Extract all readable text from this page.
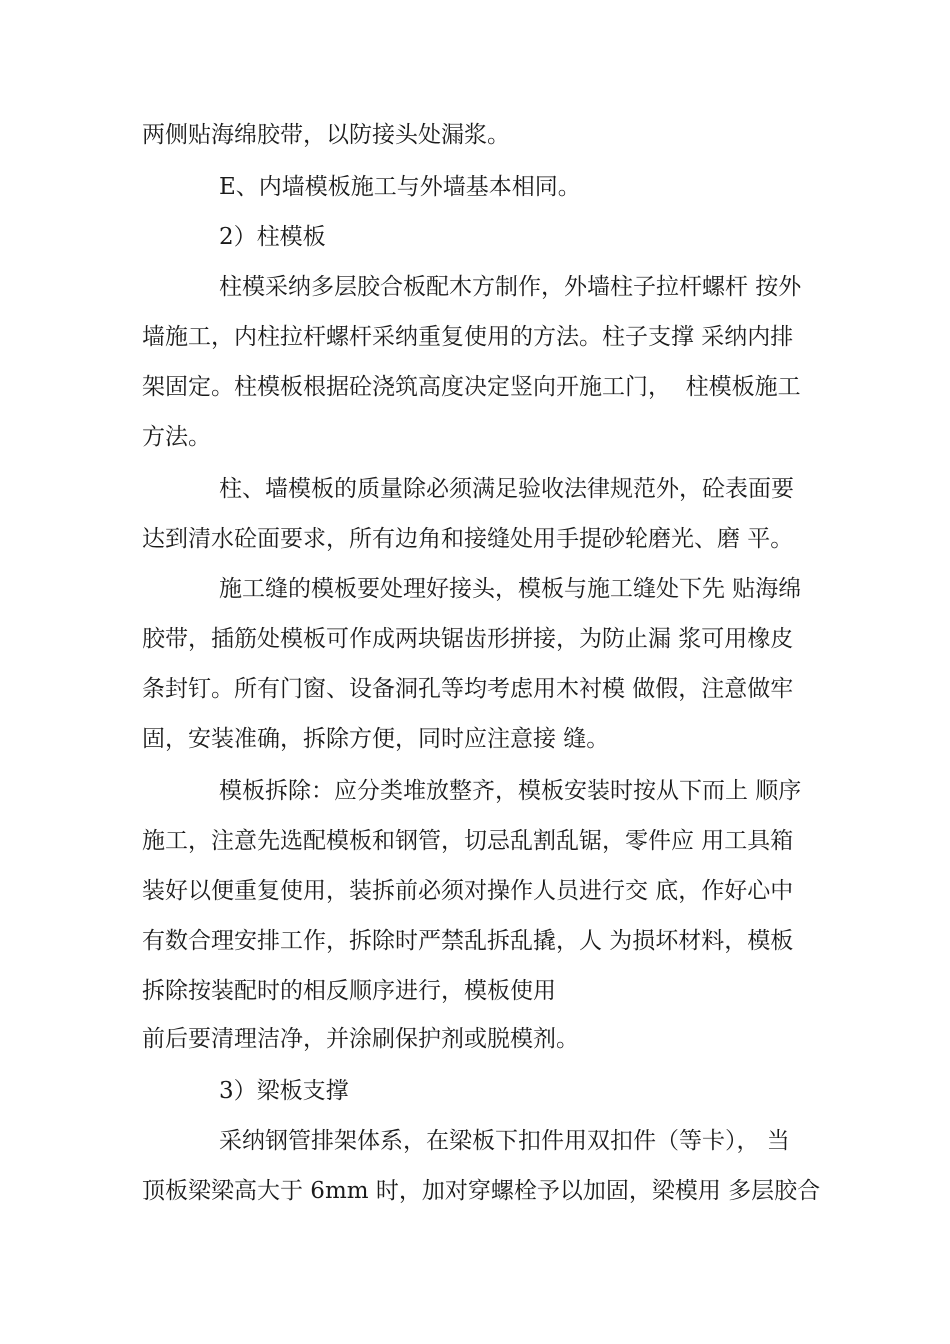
两侧贴海绵胶带，以防接头处漏浆。
E、内墙模板施工与外墙基本相同。
2）柱模板
柱模采纳多层胶合板配木方制作，外墙柱子拉杆螺杆 按外
墙施工，内柱拉杆螺杆采纳重复使用的方法。柱子支撑 采纳内排
架固定。柱模板根据砼浇筑高度决定竖向开施工门，  柱模板施工
方法。
柱、墙模板的质量除必须满足验收法律规范外，砼表面要
达到清水砼面要求，所有边角和接缝处用手提砂轮磨光、磨 平。
施工缝的模板要处理好接头，模板与施工缝处下先 贴海绵
胶带，插筋处模板可作成两块锯齿形拼接，为防止漏 浆可用橡皮
条封钉。所有门窗、设备洞孔等均考虑用木衬模 做假，注意做牢
固，安装准确，拆除方便，同时应注意接 缝。
模板拆除：应分类堆放整齐，模板安装时按从下而上 顺序
施工，注意先选配模板和钢管，切忌乱割乱锯，零件应 用工具箱
装好以便重复使用，装拆前必须对操作人员进行交 底，作好心中
有数合理安排工作，拆除时严禁乱拆乱撬，人 为损坏材料，模板
拆除按装配时的相反顺序进行，模板使用
前后要清理洁净，并涂刷保护剂或脱模剂。
3）梁板支撑
采纳钢管排架体系，在梁板下扣件用双扣件（等卡）， 当
顶板梁梁高大于 6mm 时，加对穿螺栓予以加固，梁模用 多层胶合
